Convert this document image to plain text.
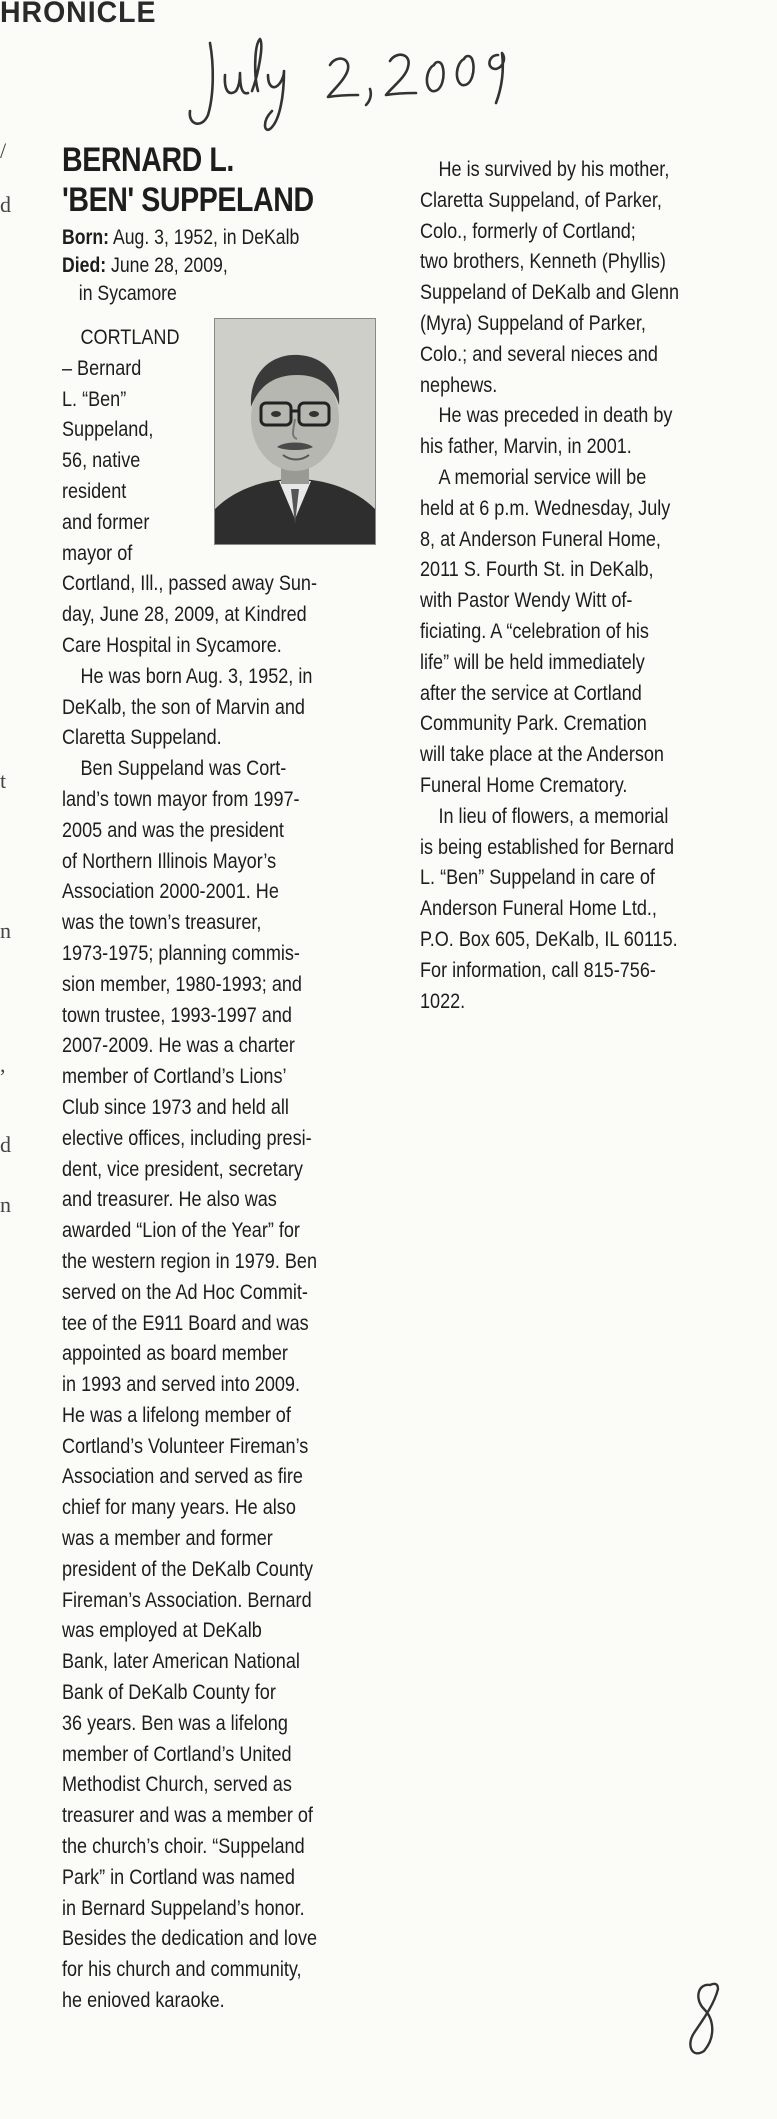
HRONICLE
/
d
t
n
,
d
n
BERNARD L.
'BEN' SUPPELAND
Born: Aug. 3, 1952, in DeKalb
Died: June 28, 2009,
in Sycamore

CORTLAND

– Bernard

L. “Ben”

Suppeland,

56, native

resident

and former

mayor of

Cortland, Ill., passed away Sun-

day, June 28, 2009, at Kindred

Care Hospital in Sycamore.

He was born Aug. 3, 1952, in

DeKalb, the son of Marvin and

Claretta Suppeland.

Ben Suppeland was Cort-

land’s town mayor from 1997-

2005 and was the president

of Northern Illinois Mayor’s

Association 2000-2001. He

was the town’s treasurer,

1973-1975; planning commis-

sion member, 1980-1993; and

town trustee, 1993-1997 and

2007-2009. He was a charter

member of Cortland’s Lions’

Club since 1973 and held all

elective offices, including presi-

dent, vice president, secretary

and treasurer. He also was

awarded “Lion of the Year” for

the western region in 1979. Ben

served on the Ad Hoc Commit-

tee of the E911 Board and was

appointed as board member

in 1993 and served into 2009.

He was a lifelong member of

Cortland’s Volunteer Fireman’s

Association and served as fire

chief for many years. He also

was a member and former

president of the DeKalb County

Fireman’s Association. Bernard

was employed at DeKalb

Bank, later American National

Bank of DeKalb County for

36 years. Ben was a lifelong

member of Cortland’s United

Methodist Church, served as

treasurer and was a member of

the church’s choir. “Suppeland

Park” in Cortland was named

in Bernard Suppeland’s honor.

Besides the dedication and love

for his church and community,

he enioved karaoke.

He is survived by his mother,

Claretta Suppeland, of Parker,

Colo., formerly of Cortland;

two brothers, Kenneth (Phyllis)

Suppeland of DeKalb and Glenn

(Myra) Suppeland of Parker,

Colo.; and several nieces and

nephews.

He was preceded in death by

his father, Marvin, in 2001.

A memorial service will be

held at 6 p.m. Wednesday, July

8, at Anderson Funeral Home,

2011 S. Fourth St. in DeKalb,

with Pastor Wendy Witt of-

ficiating. A “celebration of his

life” will be held immediately

after the service at Cortland

Community Park. Cremation

will take place at the Anderson

Funeral Home Crematory.

In lieu of flowers, a memorial

is being established for Bernard

L. “Ben” Suppeland in care of

Anderson Funeral Home Ltd.,

P.O. Box 605, DeKalb, IL 60115.

For information, call 815-756-

1022.
